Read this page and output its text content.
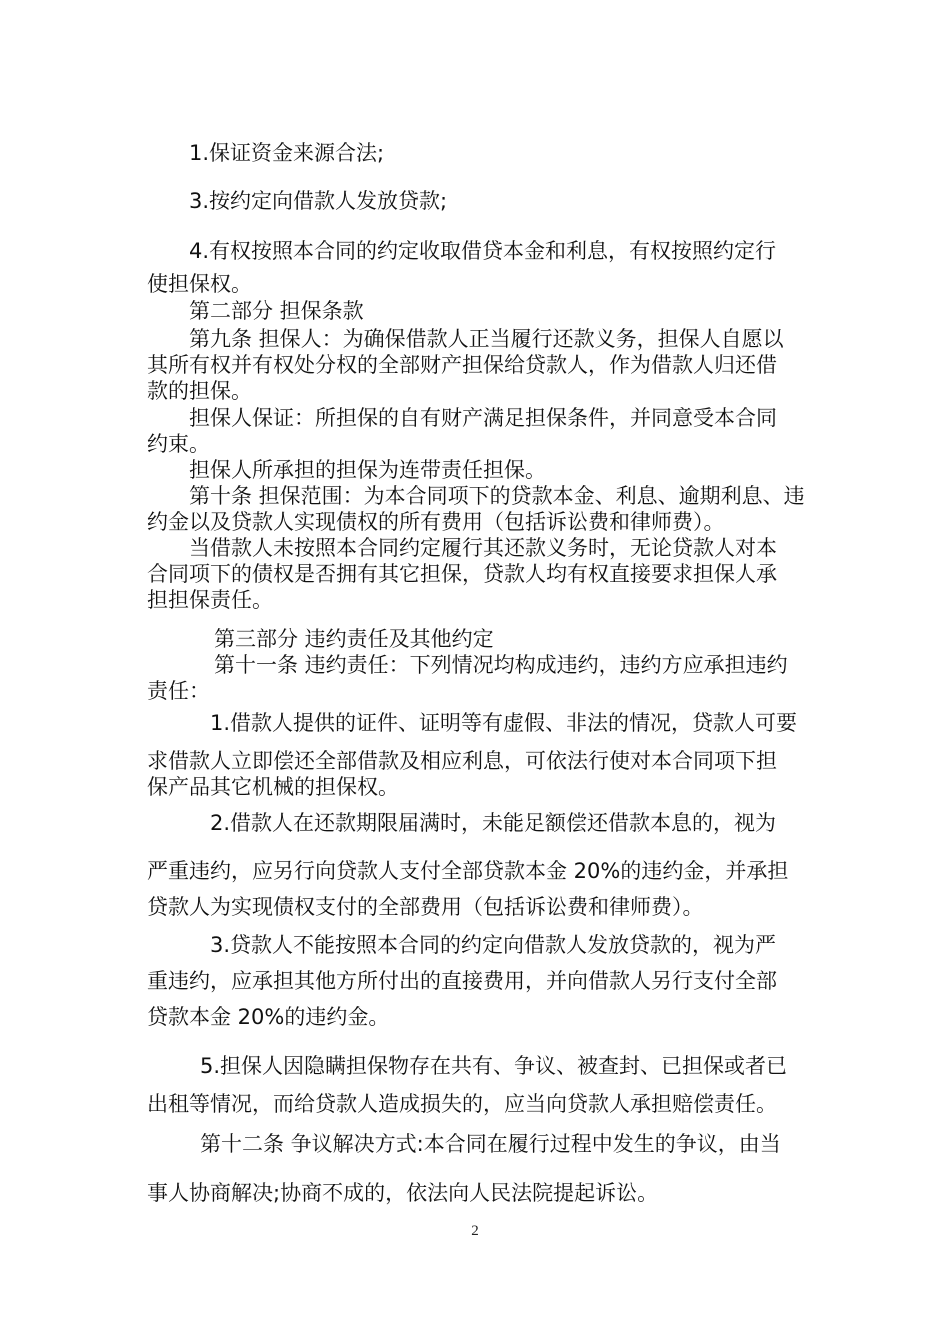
1.保证资金来源合法;
3.按约定向借款人发放贷款;
4.有权按照本合同的约定收取借贷本金和利息，有权按照约定行
使担保权。
第二部分 担保条款
第九条 担保人：为确保借款人正当履行还款义务，担保人自愿以
其所有权并有权处分权的全部财产担保给贷款人，作为借款人归还借
款的担保。
担保人保证：所担保的自有财产满足担保条件，并同意受本合同
约束。
担保人所承担的担保为连带责任担保。
第十条 担保范围：为本合同项下的贷款本金、利息、逾期利息、违
约金以及贷款人实现债权的所有费用（包括诉讼费和律师费）。
当借款人未按照本合同约定履行其还款义务时，无论贷款人对本
合同项下的债权是否拥有其它担保，贷款人均有权直接要求担保人承
担担保责任。
第三部分 违约责任及其他约定
第十一条 违约责任：下列情况均构成违约，违约方应承担违约
责任：
1.借款人提供的证件、证明等有虚假、非法的情况，贷款人可要
求借款人立即偿还全部借款及相应利息，可依法行使对本合同项下担
保产品其它机械的担保权。
2.借款人在还款期限届满时，未能足额偿还借款本息的，视为
严重违约，应另行向贷款人支付全部贷款本金 20%的违约金，并承担
贷款人为实现债权支付的全部费用（包括诉讼费和律师费）。
3.贷款人不能按照本合同的约定向借款人发放贷款的，视为严
重违约，应承担其他方所付出的直接费用，并向借款人另行支付全部
贷款本金 20%的违约金。
5.担保人因隐瞒担保物存在共有、争议、被查封、已担保或者已
出租等情况，而给贷款人造成损失的，应当向贷款人承担赔偿责任。
第十二条 争议解决方式:本合同在履行过程中发生的争议，由当
事人协商解决;协商不成的，依法向人民法院提起诉讼。
2
